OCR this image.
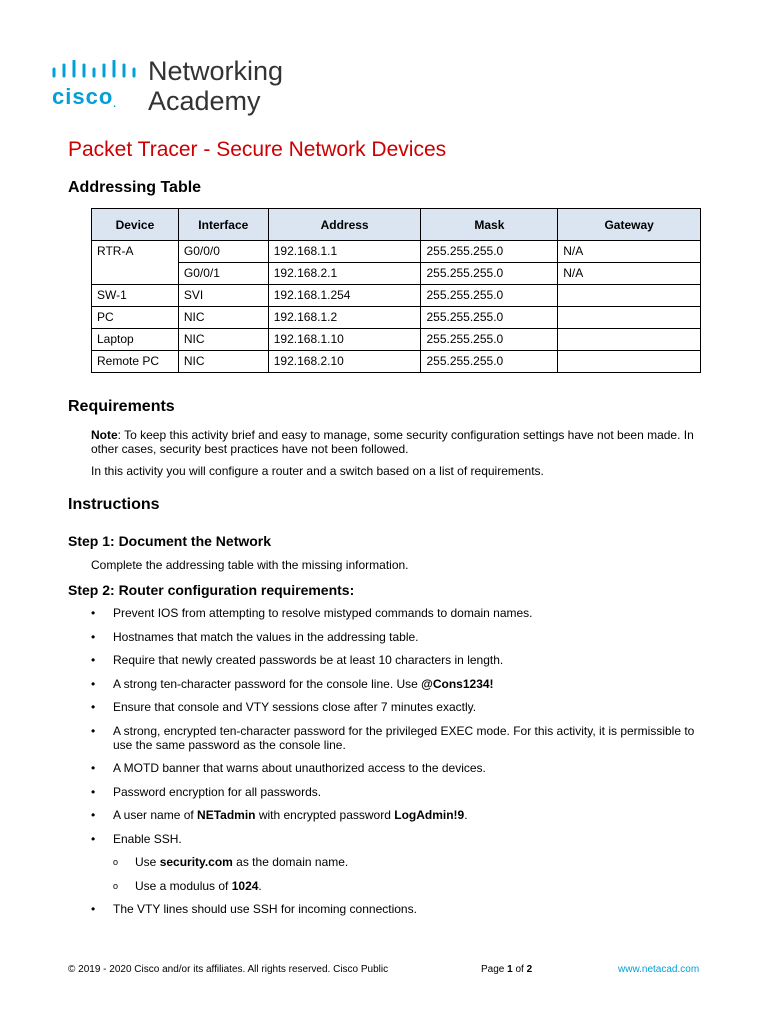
cisco.
Networking
Academy
Packet Tracer - Secure Network Devices
Addressing Table
Device	Interface	Address	Mask	Gateway
RTR-A	G0/0/0	192.168.1.1	255.255.255.0	N/A
	G0/0/1	192.168.2.1	255.255.255.0	N/A
SW-1	SVI	192.168.1.254	255.255.255.0	
PC	NIC	192.168.1.2	255.255.255.0	
Laptop	NIC	192.168.1.10	255.255.255.0	
Remote PC	NIC	192.168.2.10	255.255.255.0	
Requirements
Note: To keep this activity brief and easy to manage, some security configuration settings have not been made. In other cases, security best practices have not been followed.
In this activity you will configure a router and a switch based on a list of requirements.
Instructions
Step 1: Document the Network
Complete the addressing table with the missing information.
Step 2: Router configuration requirements:
• Prevent IOS from attempting to resolve mistyped commands to domain names.
• Hostnames that match the values in the addressing table.
• Require that newly created passwords be at least 10 characters in length.
• A strong ten-character password for the console line. Use @Cons1234!
• Ensure that console and VTY sessions close after 7 minutes exactly.
• A strong, encrypted ten-character password for the privileged EXEC mode. For this activity, it is permissible to use the same password as the console line.
• A MOTD banner that warns about unauthorized access to the devices.
• Password encryption for all passwords.
• A user name of NETadmin with encrypted password LogAdmin!9.
• Enable SSH.
o Use security.com as the domain name.
o Use a modulus of 1024.
• The VTY lines should use SSH for incoming connections.
© 2019 - 2020 Cisco and/or its affiliates. All rights reserved. Cisco Public	Page 1 of 2	www.netacad.com
